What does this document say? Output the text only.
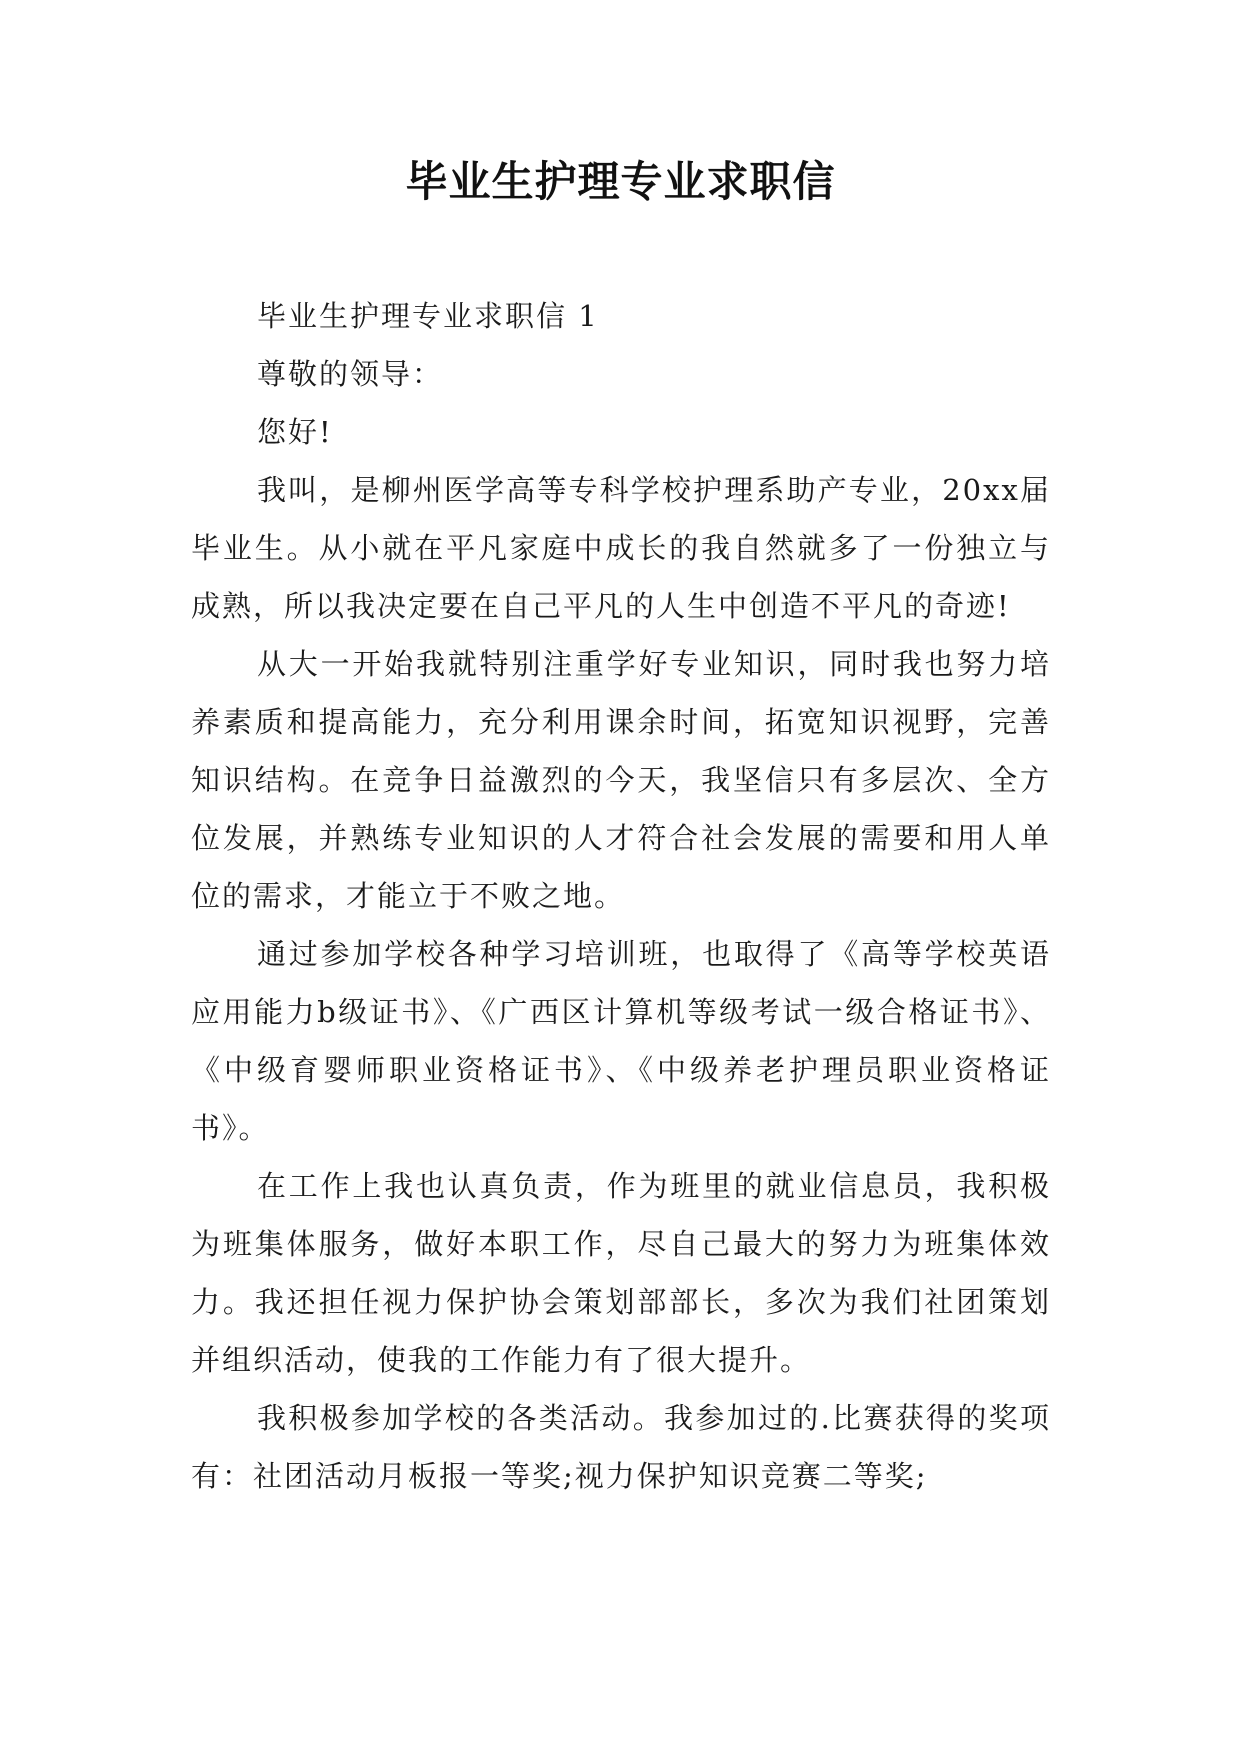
毕业生护理专业求职信

毕业生护理专业求职信 1

尊敬的领导：

您好!

我叫，是柳州医学高等专科学校护理系助产专业，20xx届毕业生。从小就在平凡家庭中成长的我自然就多了一份独立与成熟，所以我决定要在自己平凡的人生中创造不平凡的奇迹!

从大一开始我就特别注重学好专业知识，同时我也努力培养素质和提高能力，充分利用课余时间，拓宽知识视野，完善知识结构。在竞争日益激烈的今天，我坚信只有多层次、全方位发展，并熟练专业知识的人才符合社会发展的需要和用人单位的需求，才能立于不败之地。

通过参加学校各种学习培训班，也取得了《高等学校英语应用能力b级证书》、《广西区计算机等级考试一级合格证书》、《中级育婴师职业资格证书》、《中级养老护理员职业资格证书》。

在工作上我也认真负责，作为班里的就业信息员，我积极为班集体服务，做好本职工作，尽自己最大的努力为班集体效力。我还担任视力保护协会策划部部长，多次为我们社团策划并组织活动，使我的工作能力有了很大提升。

我积极参加学校的各类活动。我参加过的.比赛获得的奖项有：社团活动月板报一等奖;视力保护知识竞赛二等奖;
